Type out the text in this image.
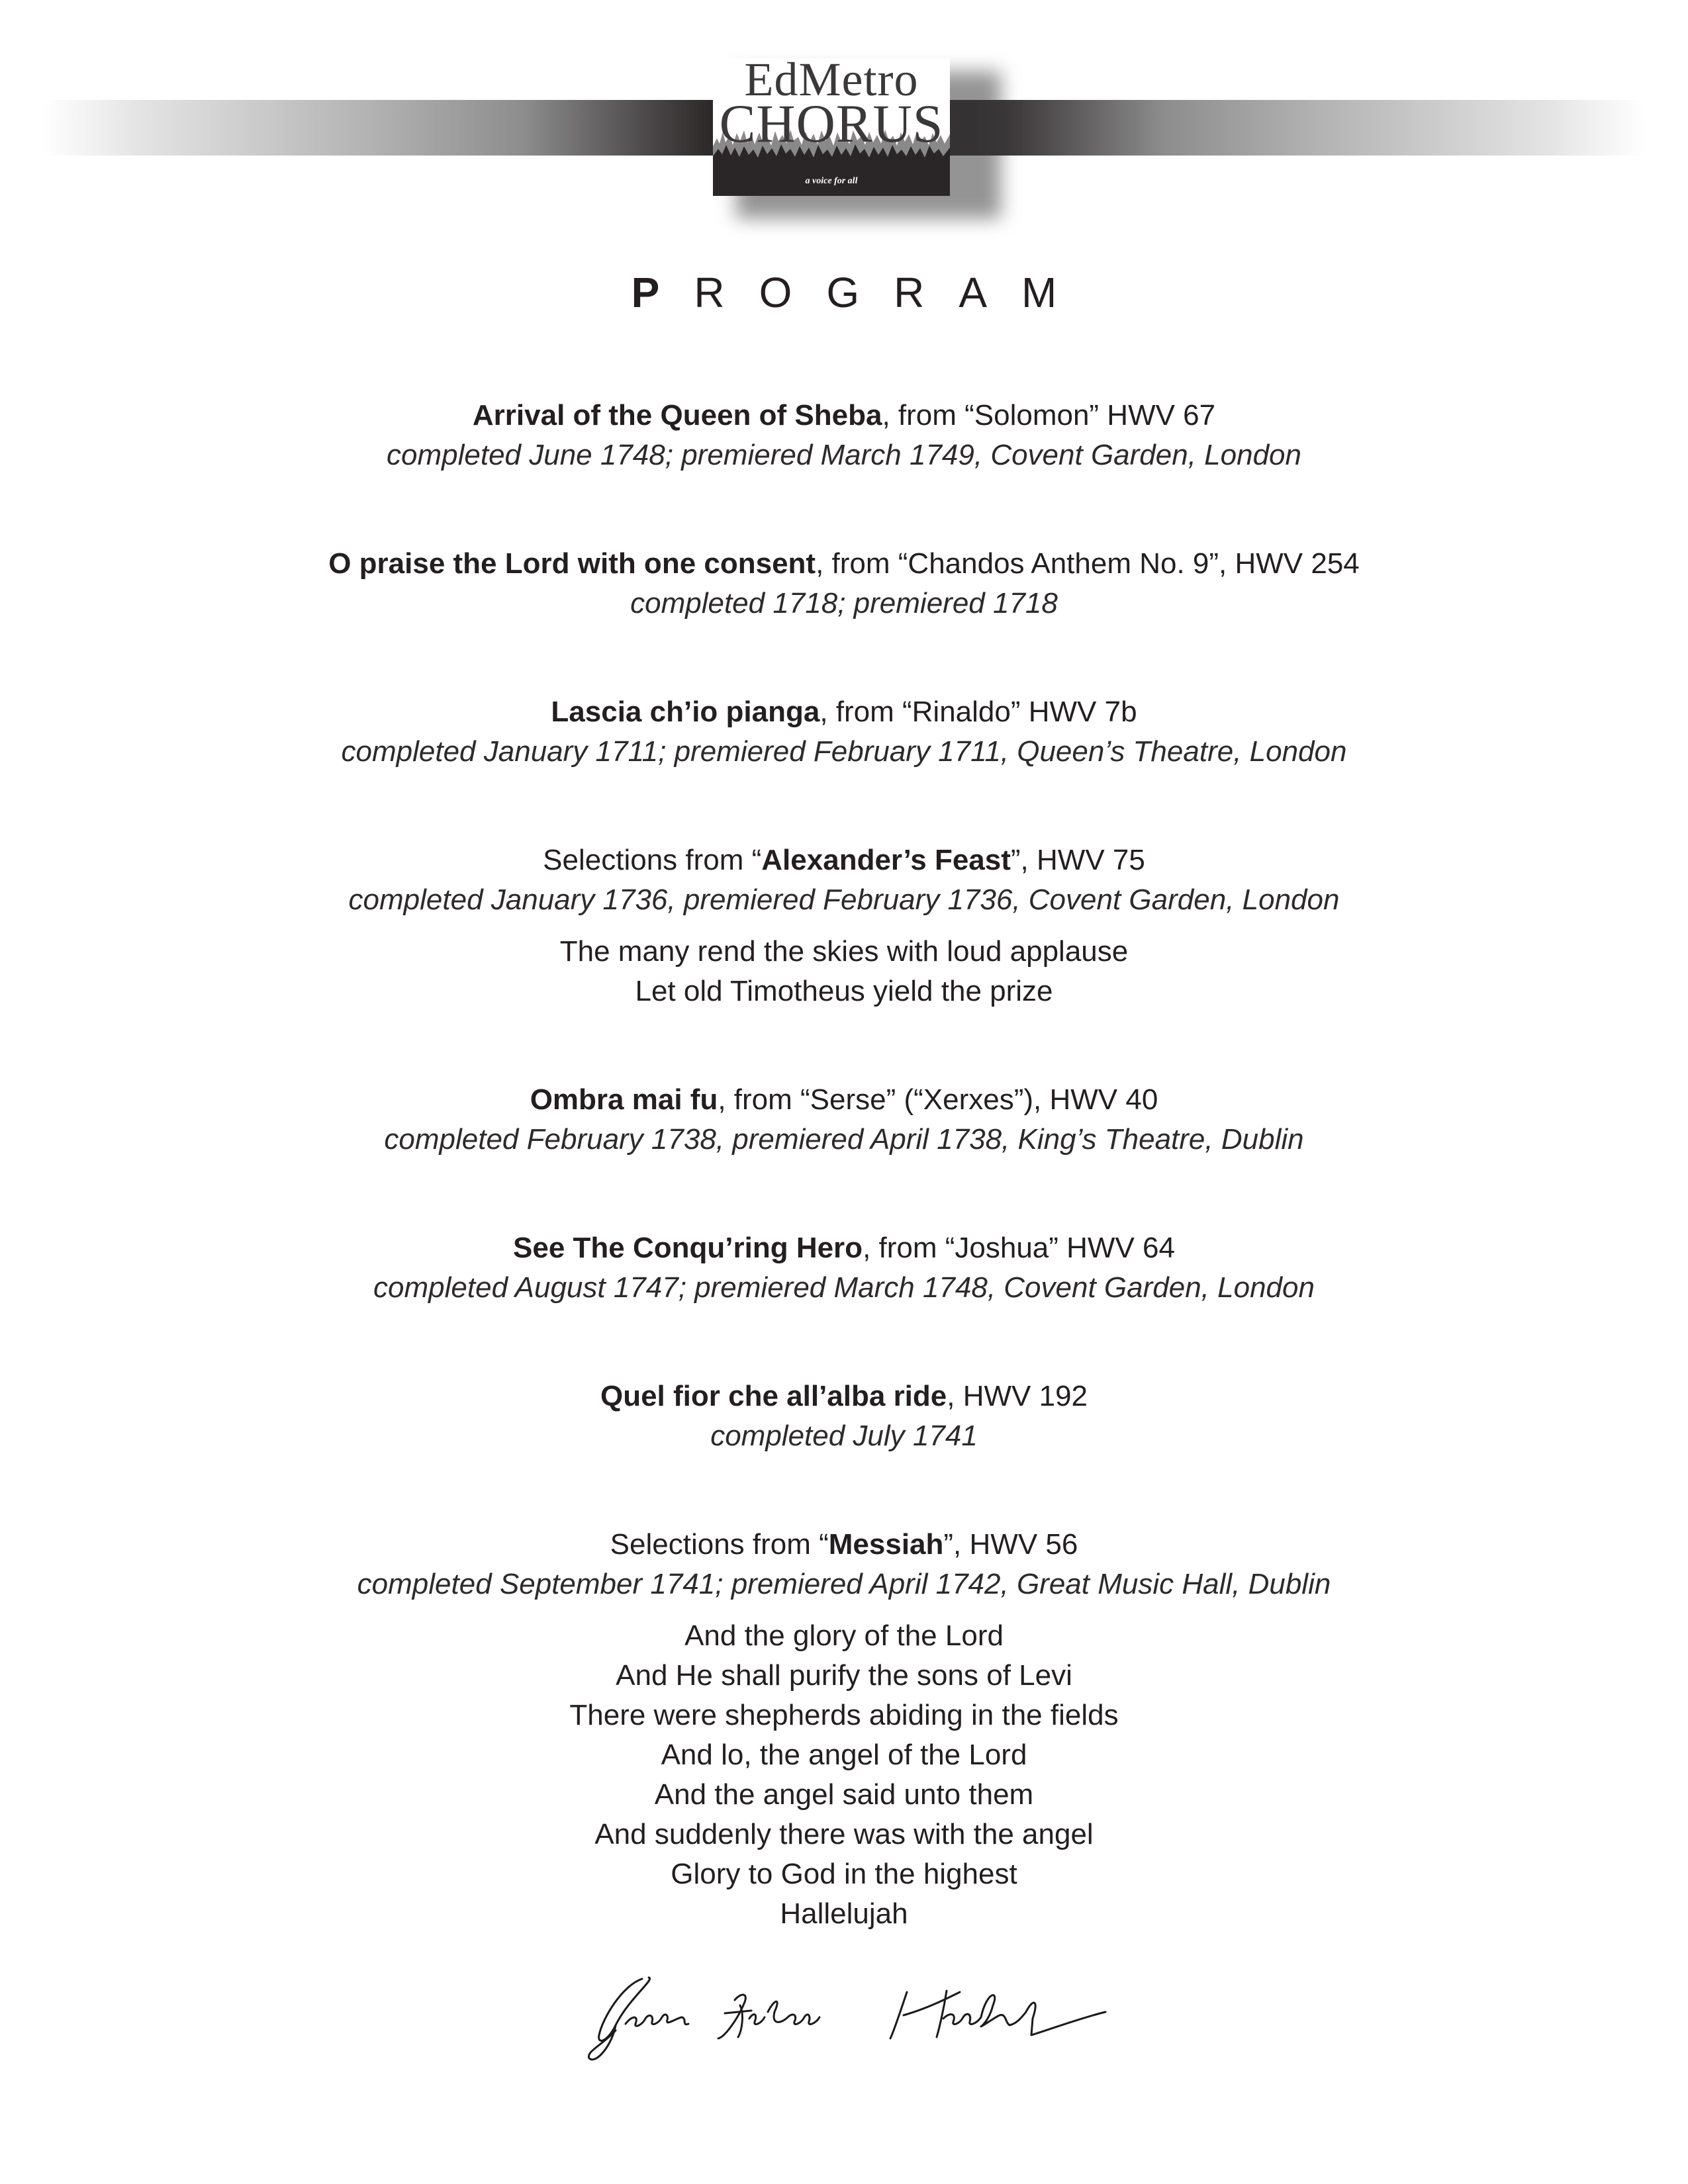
EdMetro
CHORUS
a voice for all
P R O G R A M
Arrival of the Queen of Sheba, from “Solomon” HWV 67
completed June 1748; premiered March 1749, Covent Garden, London
O praise the Lord with one consent, from “Chandos Anthem No. 9”, HWV 254
completed 1718; premiered 1718
Lascia ch’io pianga, from “Rinaldo” HWV 7b
completed January 1711; premiered February 1711, Queen’s Theatre, London
Selections from “Alexander’s Feast”, HWV 75
completed January 1736, premiered February 1736, Covent Garden, London
The many rend the skies with loud applause
Let old Timotheus yield the prize
Ombra mai fu, from “Serse” (“Xerxes”), HWV 40
completed February 1738, premiered April 1738, King’s Theatre, Dublin
See The Conqu’ring Hero, from “Joshua” HWV 64
completed August 1747; premiered March 1748, Covent Garden, London
Quel fior che all’alba ride, HWV 192
completed July 1741
Selections from “Messiah”, HWV 56
completed September 1741; premiered April 1742, Great Music Hall, Dublin
And the glory of the Lord
And He shall purify the sons of Levi
There were shepherds abiding in the fields
And lo, the angel of the Lord
And the angel said unto them
And suddenly there was with the angel
Glory to God in the highest
Hallelujah
